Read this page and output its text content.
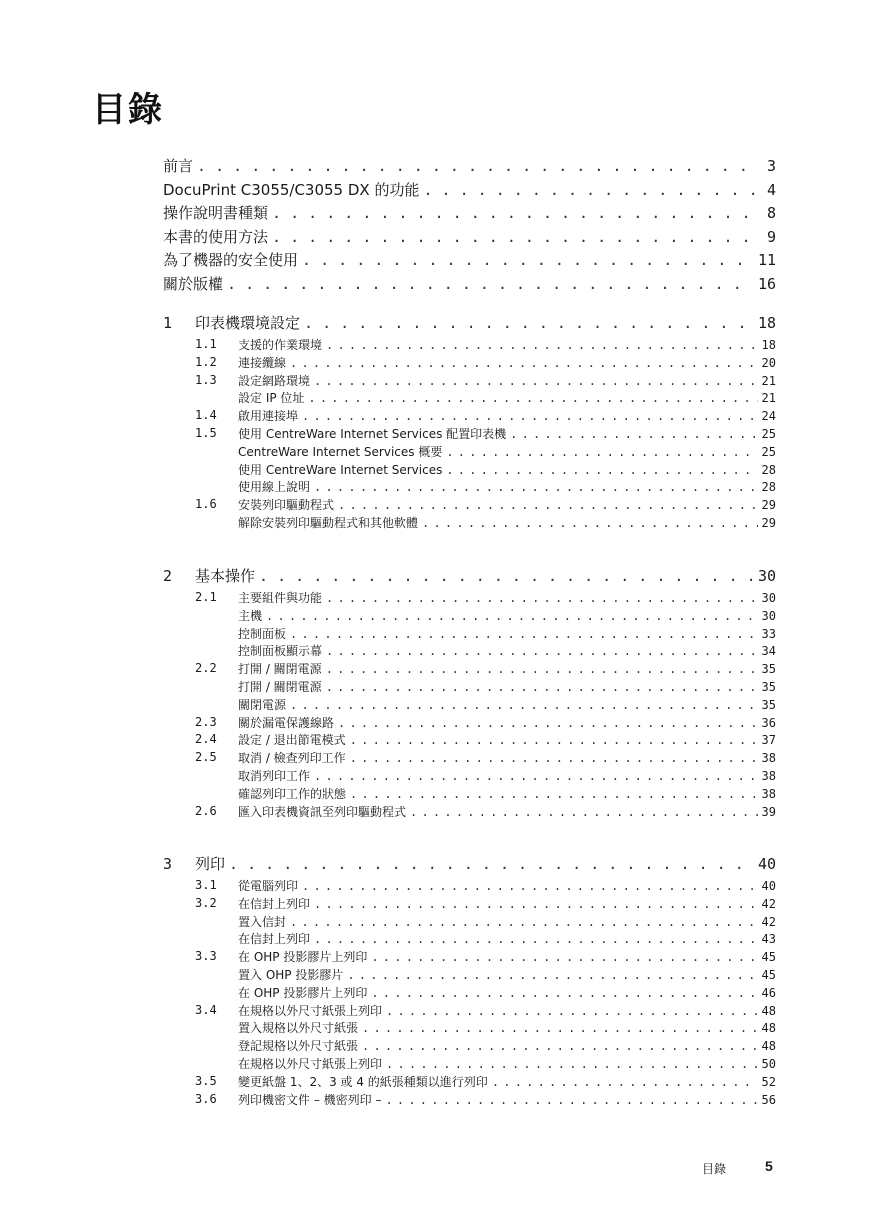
目錄
前言 . . .	3
DocuPrint C3055/C3055 DX 的功能 . . .	4
操作說明書種類 . . .	8
本書的使用方法 . . .	9
為了機器的安全使用 . . .	11
關於版權 . . .	16
1 印表機環境設定 . . .	18
1.1 支援的作業環境 . . .	18
1.2 連接纜線 . . .	20
1.3 設定網路環境 . . .	21
設定 IP 位址 . . .	21
1.4 啟用連接埠 . . .	24
1.5 使用 CentreWare Internet Services 配置印表機 . . .	25
CentreWare Internet Services 概要 . . .	25
使用 CentreWare Internet Services . . .	28
使用線上說明 . . .	28
1.6 安裝列印驅動程式 . . .	29
解除安裝列印驅動程式和其他軟體 . . .	29
2 基本操作 . . .	30
2.1 主要組件與功能 . . .	30
主機 . . .	30
控制面板 . . .	33
控制面板顯示幕 . . .	34
2.2 打開 / 關閉電源 . . .	35
打開 / 關閉電源 . . .	35
關閉電源 . . .	35
2.3 關於漏電保護線路 . . .	36
2.4 設定 / 退出節電模式 . . .	37
2.5 取消 / 檢查列印工作 . . .	38
取消列印工作 . . .	38
確認列印工作的狀態 . . .	38
2.6 匯入印表機資訊至列印驅動程式 . . .	39
3 列印 . . .	40
3.1 從電腦列印 . . .	40
3.2 在信封上列印 . . .	42
置入信封 . . .	42
在信封上列印 . . .	43
3.3 在 OHP 投影膠片上列印 . . .	45
置入 OHP 投影膠片 . . .	45
在 OHP 投影膠片上列印 . . .	46
3.4 在規格以外尺寸紙張上列印 . . .	48
置入規格以外尺寸紙張 . . .	48
登記規格以外尺寸紙張 . . .	48
在規格以外尺寸紙張上列印 . . .	50
3.5 變更紙盤 1、2、3 或 4 的紙張種類以進行列印 . . .	52
3.6 列印機密文件 – 機密列印 – . . .	56
目錄	5
